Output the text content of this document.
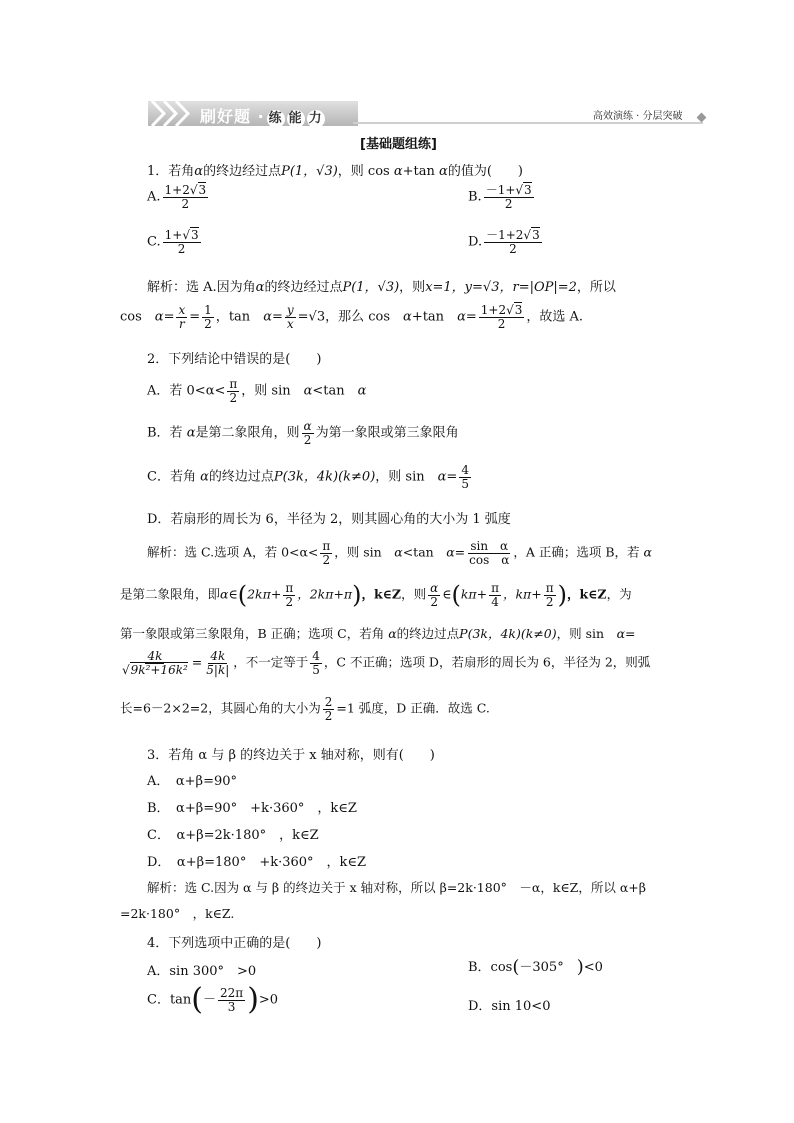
刷好题 · 练 能 力	高效演练 · 分层突破
[基础题组练]
1．若角α的终边经过点P(1，√3)，则 cos α+tan α的值为(　　)
A. $\frac{1+2√3}{2}$	B. $\frac{-1+√3}{2}$
C. $\frac{1+√3}{2}$	D. $\frac{-1+2√3}{2}$
解析：选 A.因为角α的终边经过点P(1，√3)，则x=1，y=√3，r=|OP|=2，所以
cos　 $\alpha= \frac{x}{r} = \frac{1}{2}$ ，tan　 $\alpha= \frac{y}{x} =√3$，那么 cos　 α+tan　 $\alpha= \frac{1+2√3}{2}$ ，故选 A.
2．下列结论中错误的是(　　)
A．若 $0<\alpha< \frac{\pi}{2}$ ，则 sin　 α<tan　 α
B．若 α是第二象限角，则 $\frac{\alpha}{2}$ 为第一象限或第三象限角
C．若角 α的终边过点P(3k，4k)(k≠0)，则 sin　 $\alpha= \frac{4}{5}$
D．若扇形的周长为 6，半径为 2，则其圆心角的大小为 1 弧度
解析：选 C.选项 A，若 $0<\alpha< \frac{\pi}{2}$ ，则 sin　 α<tan　 $\alpha= \frac{\text{sin　α}}{\text{cos　α}}$ ，A 正确；选项 B，若 α
是第二象限角，即α∈(2kπ+ $\frac{\pi}{2}$ ，2kπ+π)，k∈Z，则 $\frac{\alpha}{2}$ ∈(kπ+ $\frac{\pi}{4}$ ，$k\pi+ \frac{\pi}{2}$ )，k∈Z，为
第一象限或第三象限角，B 正确；选项 C，若角 α的终边过点P(3k，4k)(k≠0)，则 sin　 α=
$\frac{4k}{\text{√9k²+16k²}} = \frac{4k}{5|k|}$ ，不一定等于 $\frac{4}{5}$ ，C 不正确；选项 D，若扇形的周长为 6，半径为 2，则弧
长=6－2×2=2，其圆心角的大小为 $\frac{2}{2} =1$ 弧度，D 正确．故选 C.
3．若角 α 与 β 的终边关于 x 轴对称，则有(　　)
A．　α+β=90°
B．　α+β=90°　+k·360°　，k∈Z
C．　α+β=2k·180°　，k∈Z
D．　α+β=180°　+k·360°　，k∈Z
解析：选 C.因为 α 与 β 的终边关于 x 轴对称，所以 β=2k·180°　－α，k∈Z，所以 α+β
=2k·180°　，k∈Z.
4．下列选项中正确的是(　　)
A．sin 300°　>0	B．cos(－305°　)<0
C．$\tan(- \frac{22\pi}{3} )>0$	D．sin 10<0
